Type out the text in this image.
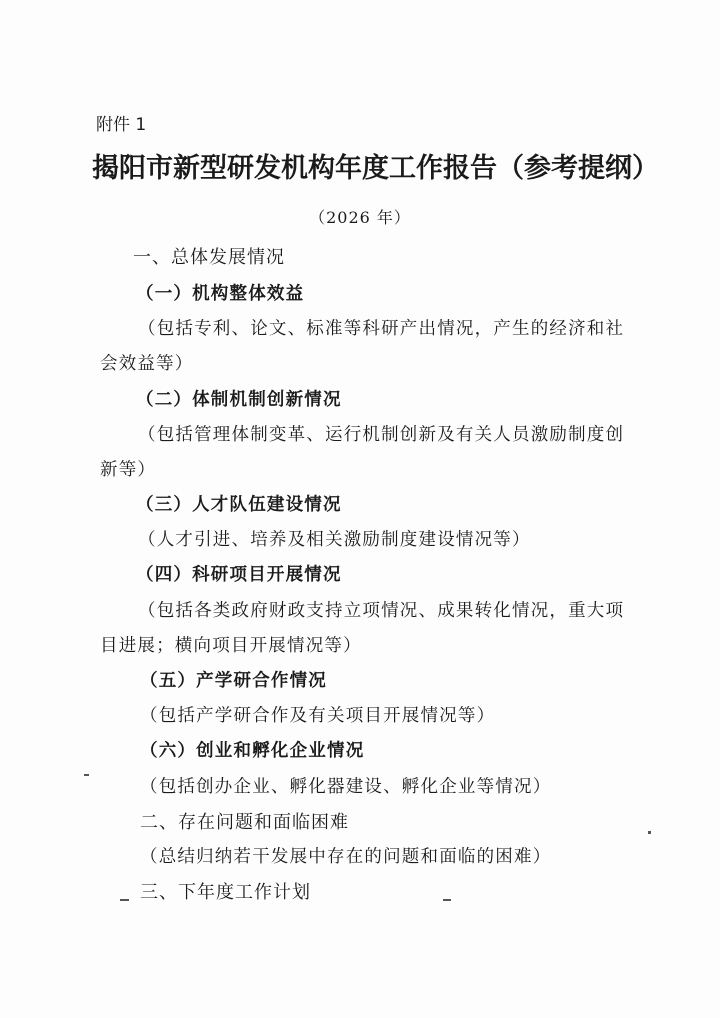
附件 1
揭阳市新型研发机构年度工作报告（参考提纲）
（2026 年）
一、总体发展情况
（一）机构整体效益
（包括专利、论文、标准等科研产出情况，产生的经济和社
会效益等）
（二）体制机制创新情况
（包括管理体制变革、运行机制创新及有关人员激励制度创
新等）
（三）人才队伍建设情况
（人才引进、培养及相关激励制度建设情况等）
（四）科研项目开展情况
（包括各类政府财政支持立项情况、成果转化情况，重大项
目进展；横向项目开展情况等）
（五）产学研合作情况
（包括产学研合作及有关项目开展情况等）
（六）创业和孵化企业情况
（包括创办企业、孵化器建设、孵化企业等情况）
二、存在问题和面临困难
（总结归纳若干发展中存在的问题和面临的困难）
三、下年度工作计划
